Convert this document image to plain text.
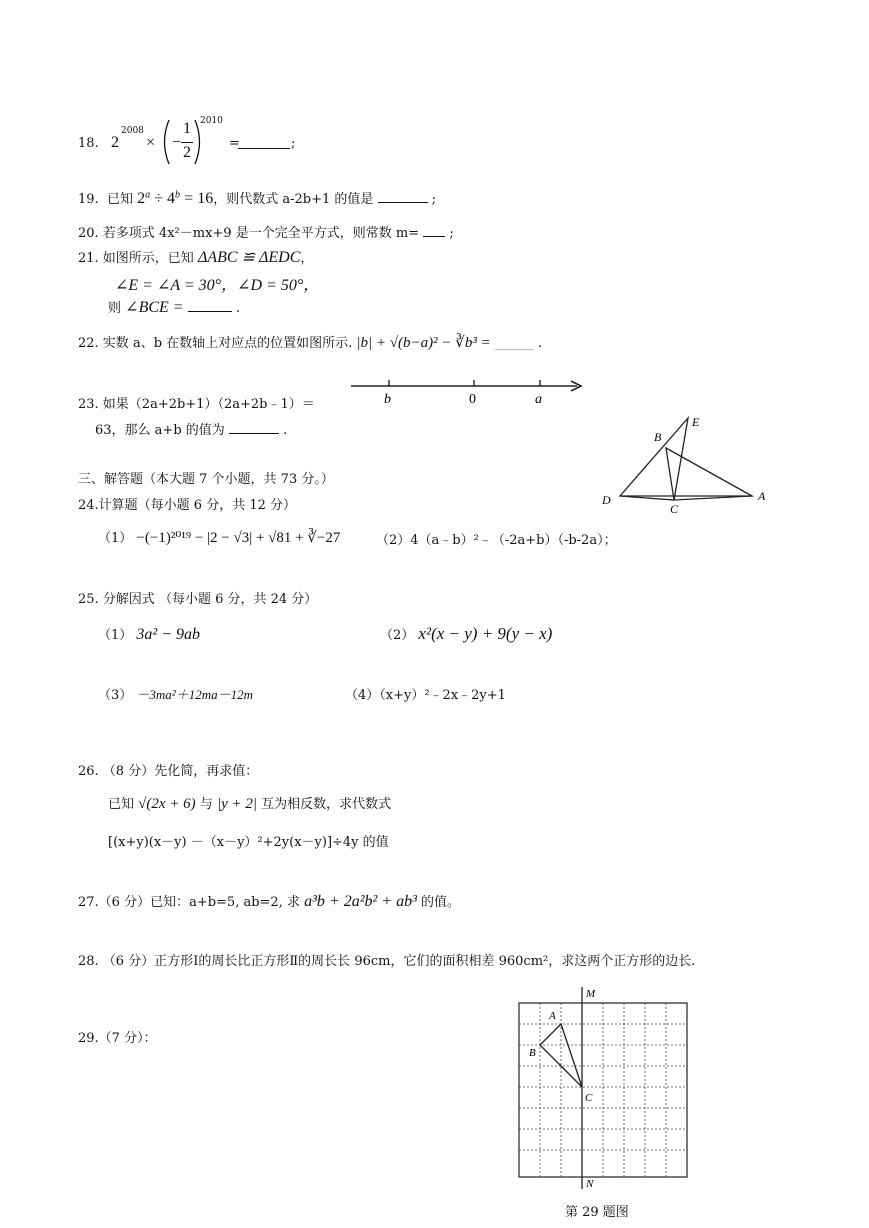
18. 2
2008
× −
1
2
2010
=	;
19. 已知 $2^a \div 4^b = 16$，则代数式 a-2b+1 的值是	;
20. 若多项式 4x²－mx+9 是一个完全平方式，则常数 m= ;
21. 如图所示，已知 ΔABC ≌ ΔEDC，
∠E = ∠A = 30°，∠D = 50°，
则 ∠BCE =	.
22. 实数 a、b 在数轴上对应点的位置如图所示. |b| + √(b−a)² − ∛b³ = ______ .
b	0	a
23. 如果（2a+2b+1）（2a+2b﹣1）＝
63，那么 a+b 的值为	.
E
B
D
C
A
三、解答题（本大题 7 个小题，共 73 分。）
24.计算题（每小题 6 分，共 12 分）
（1） −(−1)²⁰¹⁹ − |2 − √3| + √81 + ∛−27	（2）4（a﹣b）²﹣（-2a+b）（-b-2a）；
25. 分解因式 （每小题 6 分，共 24 分）
（1） 3a² − 9ab	（2） x²(x − y) + 9(y − x)
（3） －3ma²＋12ma－12m	（4）（x+y）²﹣2x﹣2y+1
26. （8 分）先化简，再求值：
已知 √(2x + 6) 与 |y + 2| 互为相反数，求代数式
[(x+y)(x－y) －（x－y）²+2y(x－y)]÷4y 的值
27.（6 分）已知：a+b=5, ab=2, 求 a³b + 2a²b² + ab³ 的值。
28. （6 分）正方形Ⅰ的周长比正方形Ⅱ的周长长 96cm，它们的面积相差 960cm²，求这两个正方形的边长.
29.（7 分）：
M
A
B
C
N
第 29 题图
